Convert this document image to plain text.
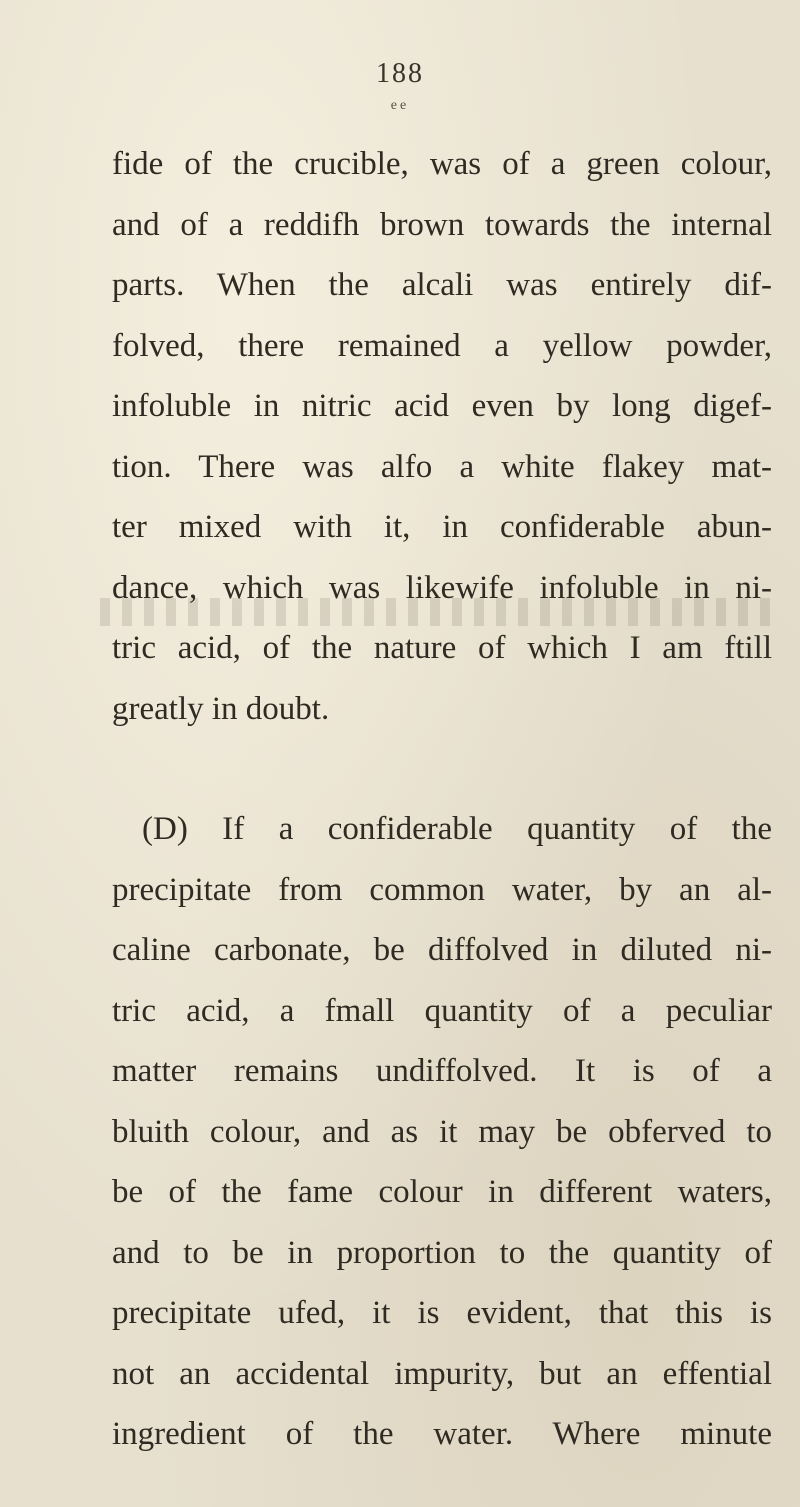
188
ee
fide of the crucible, was of a green colour,
and of a reddifh brown towards the internal
parts. When the alcali was entirely dif-
folved, there remained a yellow powder,
infoluble in nitric acid even by long digef-
tion. There was alfo a white flakey mat-
ter mixed with it, in confiderable abun-
dance, which was likewife infoluble in ni-
tric acid, of the nature of which I am ftill
greatly in doubt.
(D) If a confiderable quantity of the
precipitate from common water, by an al-
caline carbonate, be diffolved in diluted ni-
tric acid, a fmall quantity of a peculiar
matter remains undiffolved. It is of a
bluith colour, and as it may be obferved to
be of the fame colour in different waters,
and to be in proportion to the quantity of
precipitate ufed, it is evident, that this is
not an accidental impurity, but an effential
ingredient of the water. Where minute
